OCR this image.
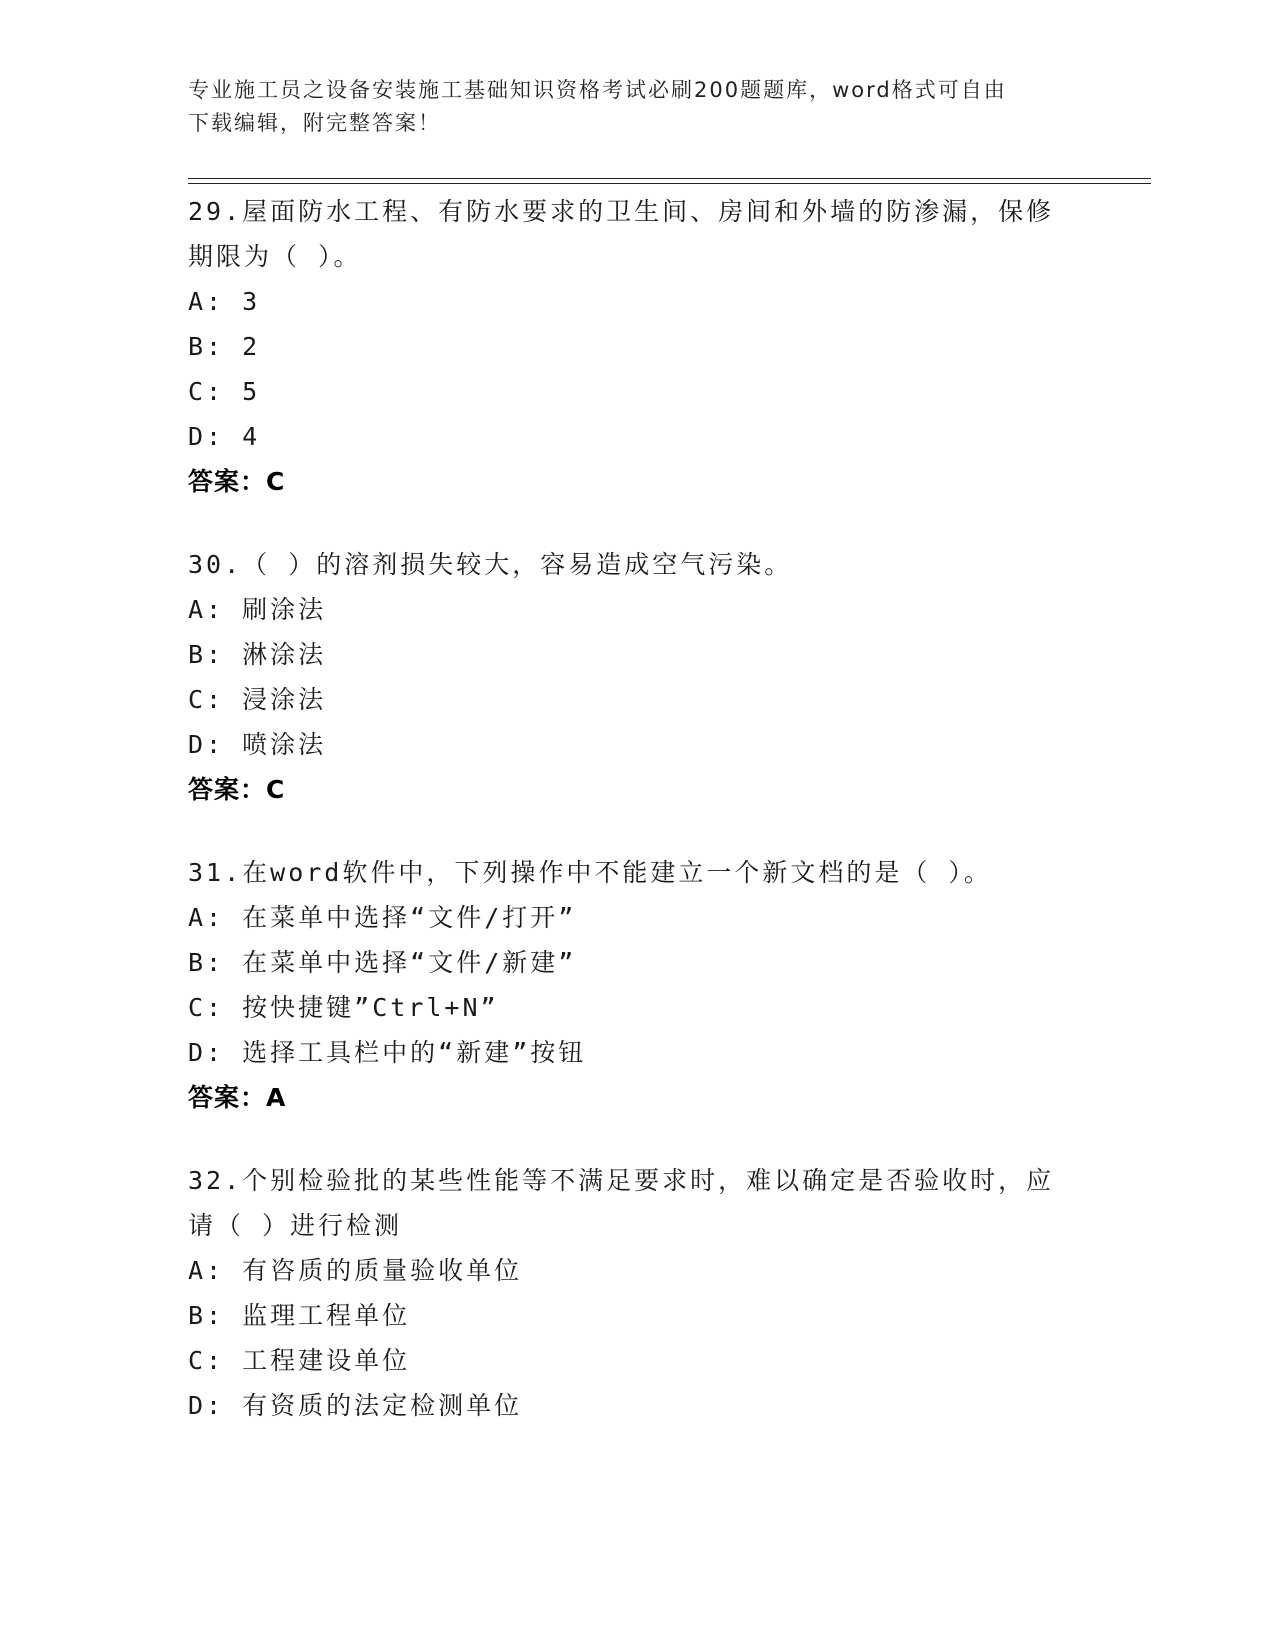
专业施工员之设备安装施工基础知识资格考试必刷200题题库，word格式可自由
下载编辑，附完整答案！
29.屋面防水工程、有防水要求的卫生间、房间和外墙的防渗漏，保修
期限为（ ）。
A: 3
B: 2
C: 5
D: 4
答案：C
30.（ ）的溶剂损失较大，容易造成空气污染。
A: 刷涂法
B: 淋涂法
C: 浸涂法
D: 喷涂法
答案：C
31.在word软件中，下列操作中不能建立一个新文档的是（ ）。
A: 在菜单中选择“文件/打开”
B: 在菜单中选择“文件/新建”
C: 按快捷键”Ctrl+N”
D: 选择工具栏中的“新建”按钮
答案：A
32.个别检验批的某些性能等不满足要求时，难以确定是否验收时，应
请（ ）进行检测
A: 有咨质的质量验收单位
B: 监理工程单位
C: 工程建设单位
D: 有资质的法定检测单位
